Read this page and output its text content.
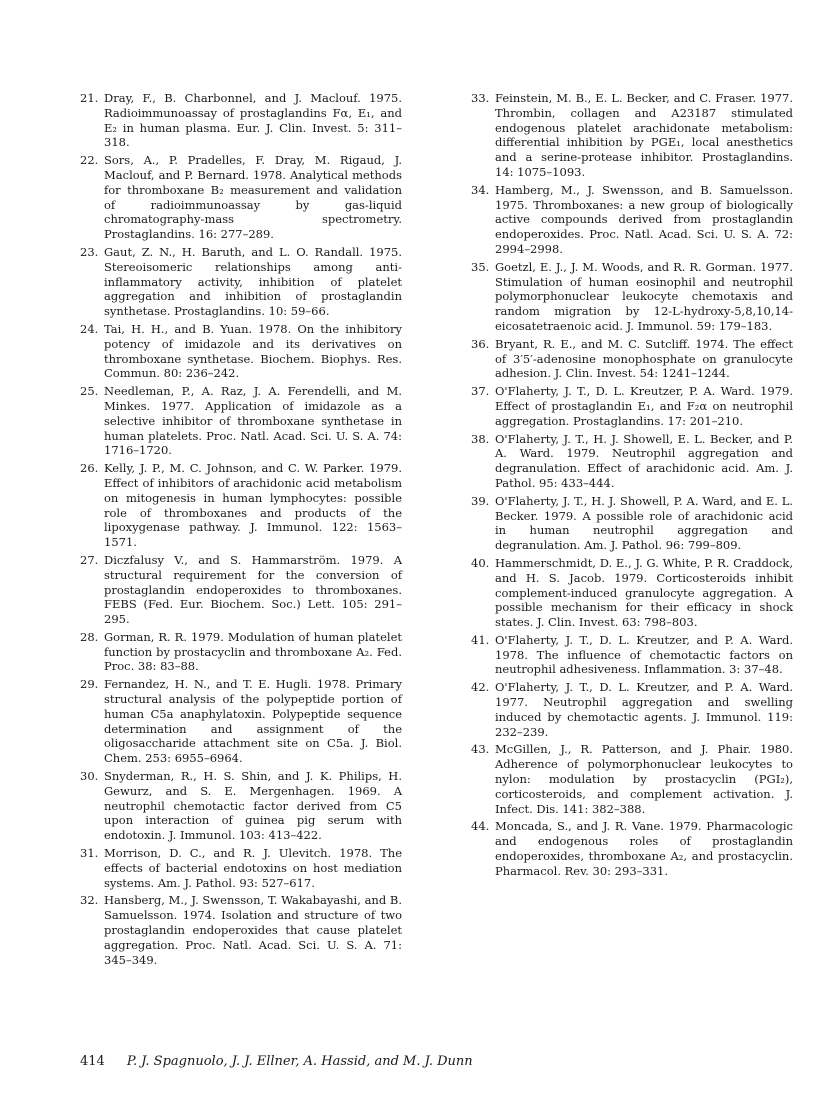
21. Dray, F., B. Charbonnel, and J. Maclouf. 1975. Radioimmunoassay of prostaglandins Fα, E₁, and E₂ in human plasma. Eur. J. Clin. Invest. 5: 311–318.

22. Sors, A., P. Pradelles, F. Dray, M. Rigaud, J. Maclouf, and P. Bernard. 1978. Analytical methods for thromboxane B₂ measurement and validation of radioimmunoassay by gas-liquid chromatography-mass spectrometry. Prostaglandins. 16: 277–289.

23. Gaut, Z. N., H. Baruth, and L. O. Randall. 1975. Stereoisomeric relationships among anti-inflammatory activity, inhibition of platelet aggregation and inhibition of prostaglandin synthetase. Prostaglandins. 10: 59–66.

24. Tai, H. H., and B. Yuan. 1978. On the inhibitory potency of imidazole and its derivatives on thromboxane synthetase. Biochem. Biophys. Res. Commun. 80: 236–242.

25. Needleman, P., A. Raz, J. A. Ferendelli, and M. Minkes. 1977. Application of imidazole as a selective inhibitor of thromboxane synthetase in human platelets. Proc. Natl. Acad. Sci. U. S. A. 74: 1716–1720.

26. Kelly, J. P., M. C. Johnson, and C. W. Parker. 1979. Effect of inhibitors of arachidonic acid metabolism on mitogenesis in human lymphocytes: possible role of thromboxanes and products of the lipoxygenase pathway. J. Immunol. 122: 1563–1571.

27. Diczfalusy V., and S. Hammarström. 1979. A structural requirement for the conversion of prostaglandin endoperoxides to thromboxanes. FEBS (Fed. Eur. Biochem. Soc.) Lett. 105: 291–295.

28. Gorman, R. R. 1979. Modulation of human platelet function by prostacyclin and thromboxane A₂. Fed. Proc. 38: 83–88.

29. Fernandez, H. N., and T. E. Hugli. 1978. Primary structural analysis of the polypeptide portion of human C5a anaphylatoxin. Polypeptide sequence determination and assignment of the oligosaccharide attachment site on C5a. J. Biol. Chem. 253: 6955–6964.

30. Snyderman, R., H. S. Shin, and J. K. Philips, H. Gewurz, and S. E. Mergenhagen. 1969. A neutrophil chemotactic factor derived from C5 upon interaction of guinea pig serum with endotoxin. J. Immunol. 103: 413–422.

31. Morrison, D. C., and R. J. Ulevitch. 1978. The effects of bacterial endotoxins on host mediation systems. Am. J. Pathol. 93: 527–617.

32. Hansberg, M., J. Swensson, T. Wakabayashi, and B. Samuelsson. 1974. Isolation and structure of two prostaglandin endoperoxides that cause platelet aggregation. Proc. Natl. Acad. Sci. U. S. A. 71: 345–349.

33. Feinstein, M. B., E. L. Becker, and C. Fraser. 1977. Thrombin, collagen and A23187 stimulated endogenous platelet arachidonate metabolism: differential inhibition by PGE₁, local anesthetics and a serine-protease inhibitor. Prostaglandins. 14: 1075–1093.

34. Hamberg, M., J. Swensson, and B. Samuelsson. 1975. Thromboxanes: a new group of biologically active compounds derived from prostaglandin endoperoxides. Proc. Natl. Acad. Sci. U. S. A. 72: 2994–2998.

35. Goetzl, E. J., J. M. Woods, and R. R. Gorman. 1977. Stimulation of human eosinophil and neutrophil polymorphonuclear leukocyte chemotaxis and random migration by 12-L-hydroxy-5,8,10,14-eicosatetraenoic acid. J. Immunol. 59: 179–183.

36. Bryant, R. E., and M. C. Sutcliff. 1974. The effect of 3′5′-adenosine monophosphate on granulocyte adhesion. J. Clin. Invest. 54: 1241–1244.

37. O'Flaherty, J. T., D. L. Kreutzer, P. A. Ward. 1979. Effect of prostaglandin E₁, and F₂α on neutrophil aggregation. Prostaglandins. 17: 201–210.

38. O'Flaherty, J. T., H. J. Showell, E. L. Becker, and P. A. Ward. 1979. Neutrophil aggregation and degranulation. Effect of arachidonic acid. Am. J. Pathol. 95: 433–444.

39. O'Flaherty, J. T., H. J. Showell, P. A. Ward, and E. L. Becker. 1979. A possible role of arachidonic acid in human neutrophil aggregation and degranulation. Am. J. Pathol. 96: 799–809.

40. Hammerschmidt, D. E., J. G. White, P. R. Craddock, and H. S. Jacob. 1979. Corticosteroids inhibit complement-induced granulocyte aggregation. A possible mechanism for their efficacy in shock states. J. Clin. Invest. 63: 798–803.

41. O'Flaherty, J. T., D. L. Kreutzer, and P. A. Ward. 1978. The influence of chemotactic factors on neutrophil adhesiveness. Inflammation. 3: 37–48.

42. O'Flaherty, J. T., D. L. Kreutzer, and P. A. Ward. 1977. Neutrophil aggregation and swelling induced by chemotactic agents. J. Immunol. 119: 232–239.

43. McGillen, J., R. Patterson, and J. Phair. 1980. Adherence of polymorphonuclear leukocytes to nylon: modulation by prostacyclin (PGI₂), corticosteroids, and complement activation. J. Infect. Dis. 141: 382–388.

44. Moncada, S., and J. R. Vane. 1979. Pharmacologic and endogenous roles of prostaglandin endoperoxides, thromboxane A₂, and prostacyclin. Pharmacol. Rev. 30: 293–331.

414 P. J. Spagnuolo, J. J. Ellner, A. Hassid, and M. J. Dunn
